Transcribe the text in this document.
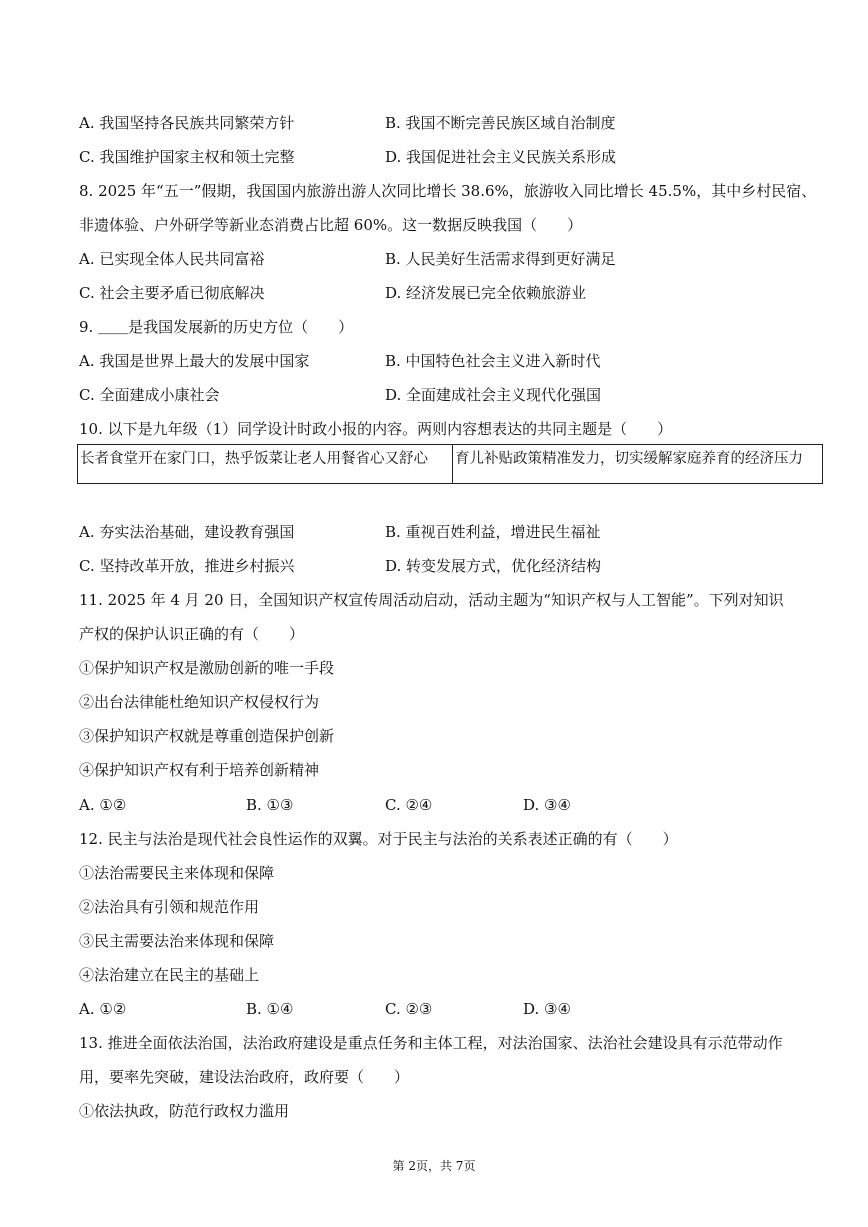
A. 我国坚持各民族共同繁荣方针	B. 我国不断完善民族区域自治制度
C. 我国维护国家主权和领土完整	D. 我国促进社会主义民族关系形成
8. 2025 年“五一”假期，我国国内旅游出游人次同比增长 38.6%，旅游收入同比增长 45.5%，其中乡村民宿、
非遗体验、户外研学等新业态消费占比超 60%。这一数据反映我国（　　）
A. 已实现全体人民共同富裕	B. 人民美好生活需求得到更好满足
C. 社会主要矛盾已彻底解决	D. 经济发展已完全依赖旅游业
9. ＿＿是我国发展新的历史方位（　　）
A. 我国是世界上最大的发展中国家	B. 中国特色社会主义进入新时代
C. 全面建成小康社会	D. 全面建成社会主义现代化强国
10. 以下是九年级（1）同学设计时政小报的内容。两则内容想表达的共同主题是（　　）
长者食堂开在家门口，热乎饭菜让老人用餐省心又舒心	育儿补贴政策精准发力，切实缓解家庭养育的经济压力
A. 夯实法治基础，建设教育强国	B. 重视百姓利益，增进民生福祉
C. 坚持改革开放，推进乡村振兴	D. 转变发展方式，优化经济结构
11. 2025 年 4 月 20 日，全国知识产权宣传周活动启动，活动主题为“知识产权与人工智能”。下列对知识
产权的保护认识正确的有（　　）
①保护知识产权是激励创新的唯一手段
②出台法律能杜绝知识产权侵权行为
③保护知识产权就是尊重创造保护创新
④保护知识产权有利于培养创新精神
A. ①②	B. ①③	C. ②④	D. ③④
12. 民主与法治是现代社会良性运作的双翼。对于民主与法治的关系表述正确的有（　　）
①法治需要民主来体现和保障
②法治具有引领和规范作用
③民主需要法治来体现和保障
④法治建立在民主的基础上
A. ①②	B. ①④	C. ②③	D. ③④
13. 推进全面依法治国，法治政府建设是重点任务和主体工程，对法治国家、法治社会建设具有示范带动作
用，要率先突破，建设法治政府，政府要（　　）
①依法执政，防范行政权力滥用
第 2页，共 7页
